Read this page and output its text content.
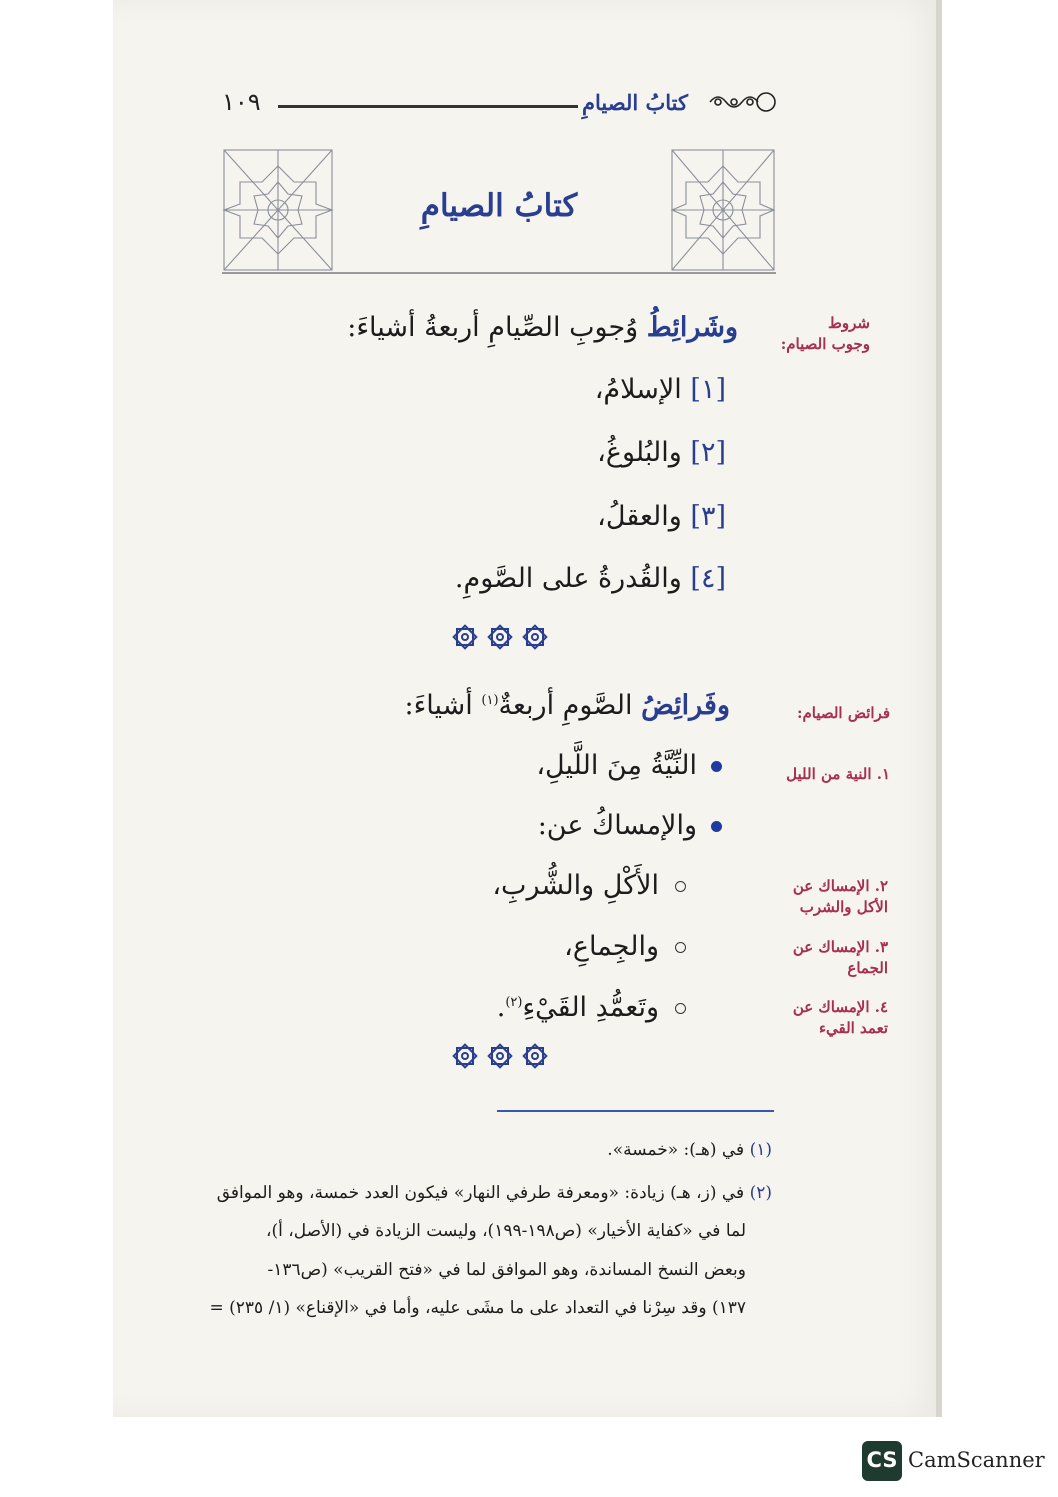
١٠٩	كتابُ الصيامِ
كتابُ الصيامِ
شروط
وجوب الصيام:
وشَرائِطُ وُجوبِ الصِّيامِ أربعةُ أشياءَ:
[١] الإسلامُ،
[٢] والبُلوغُ،
[٣] والعقلُ،
[٤] والقُدرةُ على الصَّومِ.
فرائض الصيام:
وفَرائِضُ الصَّومِ أربعةٌ$^{(١)}$ أشياءَ:
١. النية من الليل
النِّيَّةُ مِنَ اللَّيلِ،
والإمساكُ عن:
٢. الإمساك عن
الأكل والشرب
الأَكْلِ والشُّربِ،
٣. الإمساك عن
الجماع
والجِماعِ،
٤. الإمساك عن
تعمد القيء
وتَعمُّدِ القَيْءِ$^{(٢)}$.
(١) في (هـ): «خمسة».
(٢) في (ز، هـ) زيادة: «ومعرفة طرفي النهار» فيكون العدد خمسة، وهو الموافق
لما في «كفاية الأخيار» (ص١٩٨-١٩٩)، وليست الزيادة في (الأصل، أ)،
وبعض النسخ المساندة، وهو الموافق لما في «فتح القريب» (ص١٣٦-
١٣٧) وقد سِرْنا في التعداد على ما مشَى عليه، وأما في «الإقناع» (١/ ٢٣٥) =
CS CamScanner
